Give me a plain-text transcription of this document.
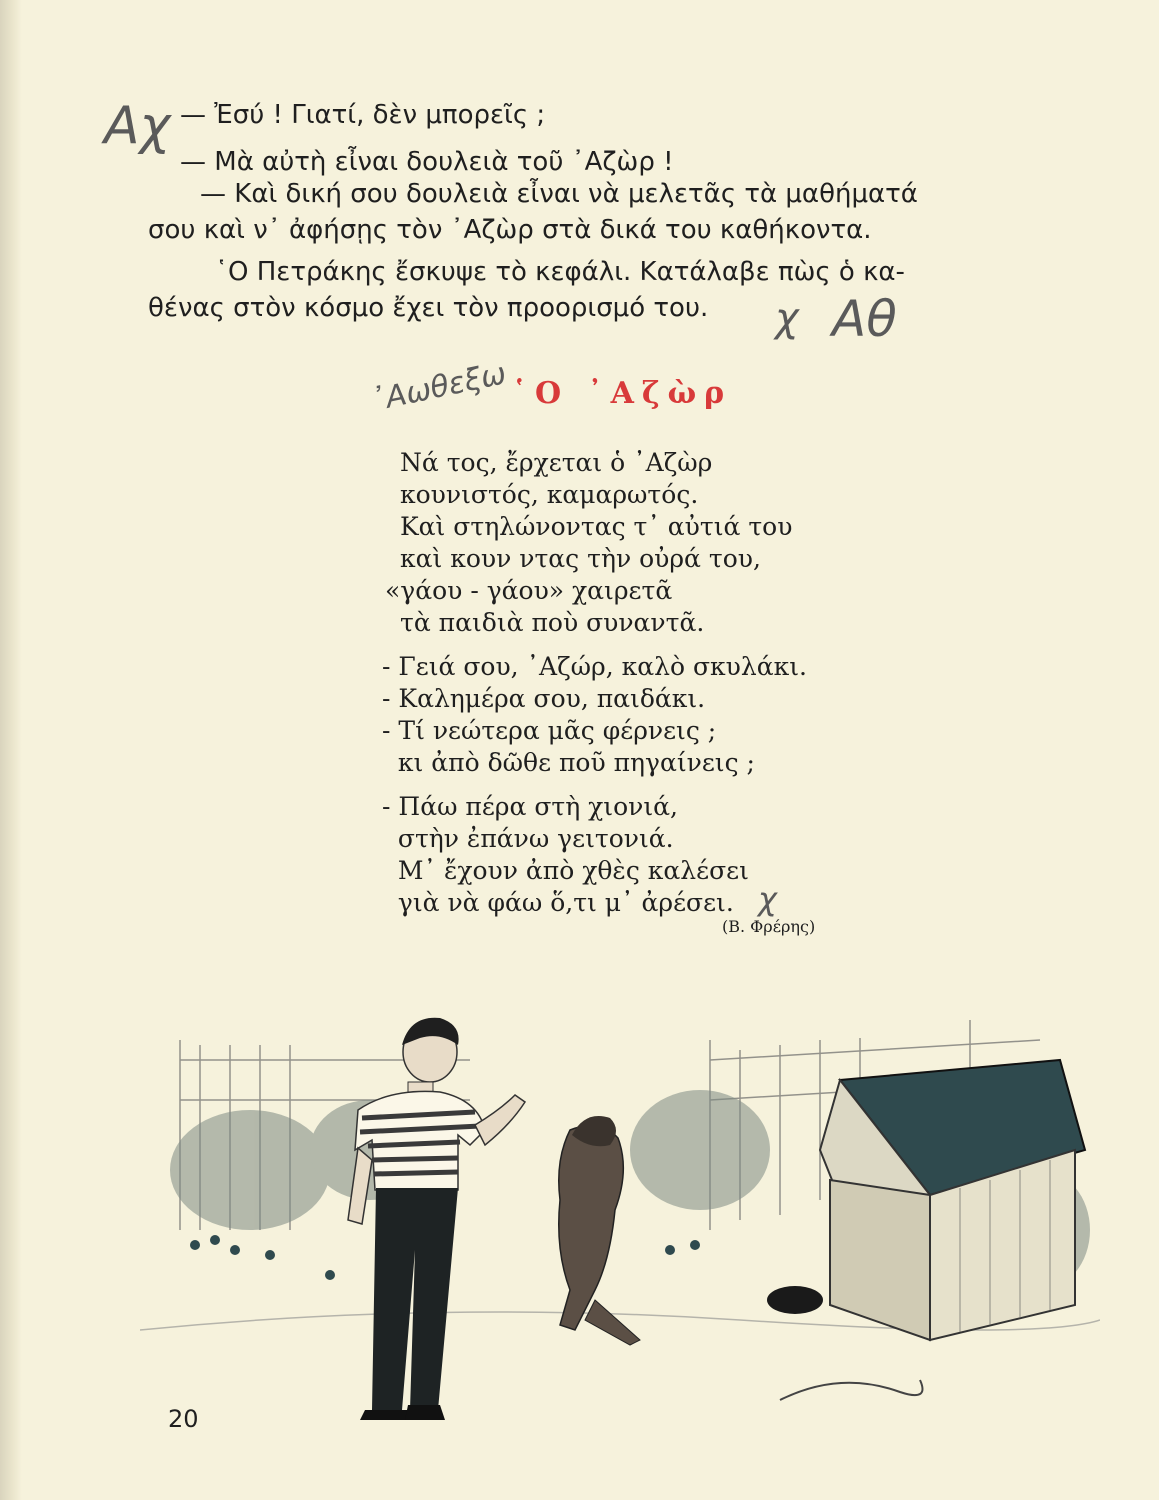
— Ἐσύ ! Γιατί, δὲν μπορεῖς ;
— Μὰ αὐτὴ εἶναι δουλειὰ τοῦ ᾿Αζὼρ !
— Καὶ δική σου δουλειὰ εἶναι νὰ μελετᾶς τὰ μαθήματά
σου καὶ ν᾿ ἀφήσῃς τὸν ᾿Αζὼρ στὰ δικά του καθήκοντα.
῾Ο Πετράκης ἔσκυψε τὸ κεφάλι. Κατάλαβε πὼς ὁ κα-
θένας στὸν κόσμο ἔχει τὸν προορισμό του.
Αχ
χ Αθ
᾿Αωθεξω
χ
῾Ο ᾿Αζὼρ
Νά τος, ἔρχεται ὁ ᾿Αζὼρ
κουνιστός, καμαρωτός.
Καὶ στηλώνοντας τ᾿ αὐτιά του
καὶ κουν ντας τὴν οὐρά του,
«γάου - γάου» χαιρετᾶ
τὰ παιδιὰ ποὺ συναντᾶ.
- Γειά σου, ᾿Αζώρ, καλὸ σκυλάκι.
- Καλημέρα σου, παιδάκι.
- Τί νεώτερα μᾶς φέρνεις ;
κι ἀπὸ δῶθε ποῦ πηγαίνεις ;
- Πάω πέρα στὴ χιονιά,
στὴν ἐπάνω γειτονιά.
Μ᾿ ἔχουν ἀπὸ χθὲς καλέσει
γιὰ νὰ φάω ὅ,τι μ᾿ ἀρέσει.
(Β. Φρέρης)
20
